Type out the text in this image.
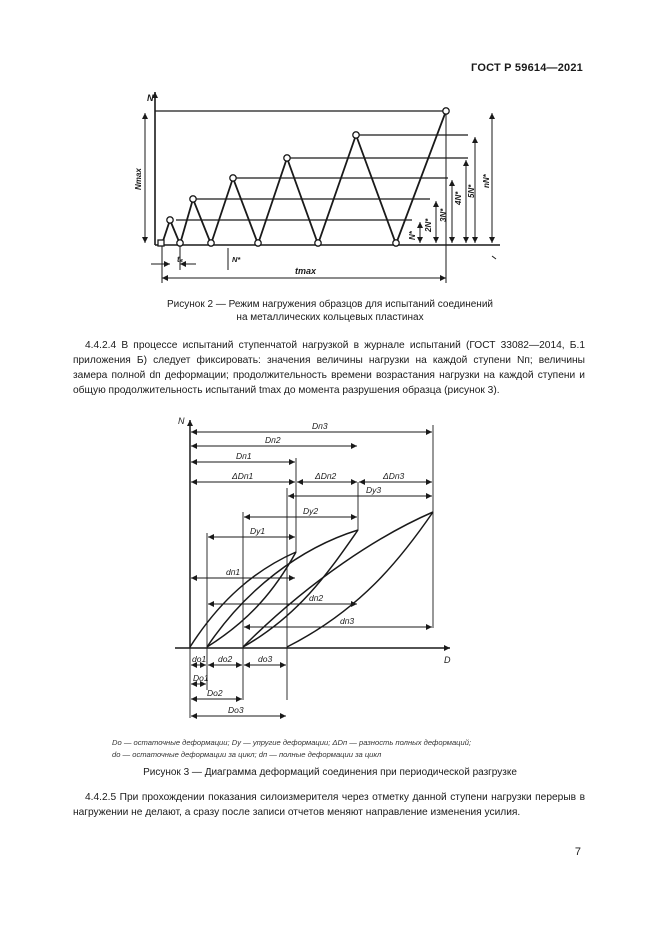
ГОСТ Р 59614—2021
N
Nmax
N*
2N*
3N*
4N*
5N*
nN*
tₛ	N*
tmax
Рисунок 2 — Режим нагружения образцов для испытаний соединений
на металлических кольцевых пластинах
4.4.2.4 В процессе испытаний ступенчатой нагрузкой в журнале испытаний (ГОСТ 33082—2014, Б.1 приложения Б) следует фиксировать: значения величины нагрузки на каждой ступени Nп; величины замера полной dп деформации; продолжительность времени возрастания нагрузки на каждой ступени и общую продолжительность испытаний tmax до момента разрушения образца (рисунок 3).
N
D
Dп3
Dп2
Dп1
ΔDп1	ΔDп2	ΔDп3
Dу3
Dу2
Dу1
dп1
dп2
dп3
dо1 dо2	dо3
Dо1
Dо2
Dо3
Dо — остаточные деформации; Dу — упругие деформации; ΔDп — разность полных деформаций;
dо — остаточные деформации за цикл; dп — полные деформации за цикл
Рисунок 3 — Диаграмма деформаций соединения при периодической разгрузке
4.4.2.5 При прохождении показания силоизмерителя через отметку данной ступени нагрузки перерыв в нагружении не делают, а сразу после записи отчетов меняют направление изменения усилия.
7
